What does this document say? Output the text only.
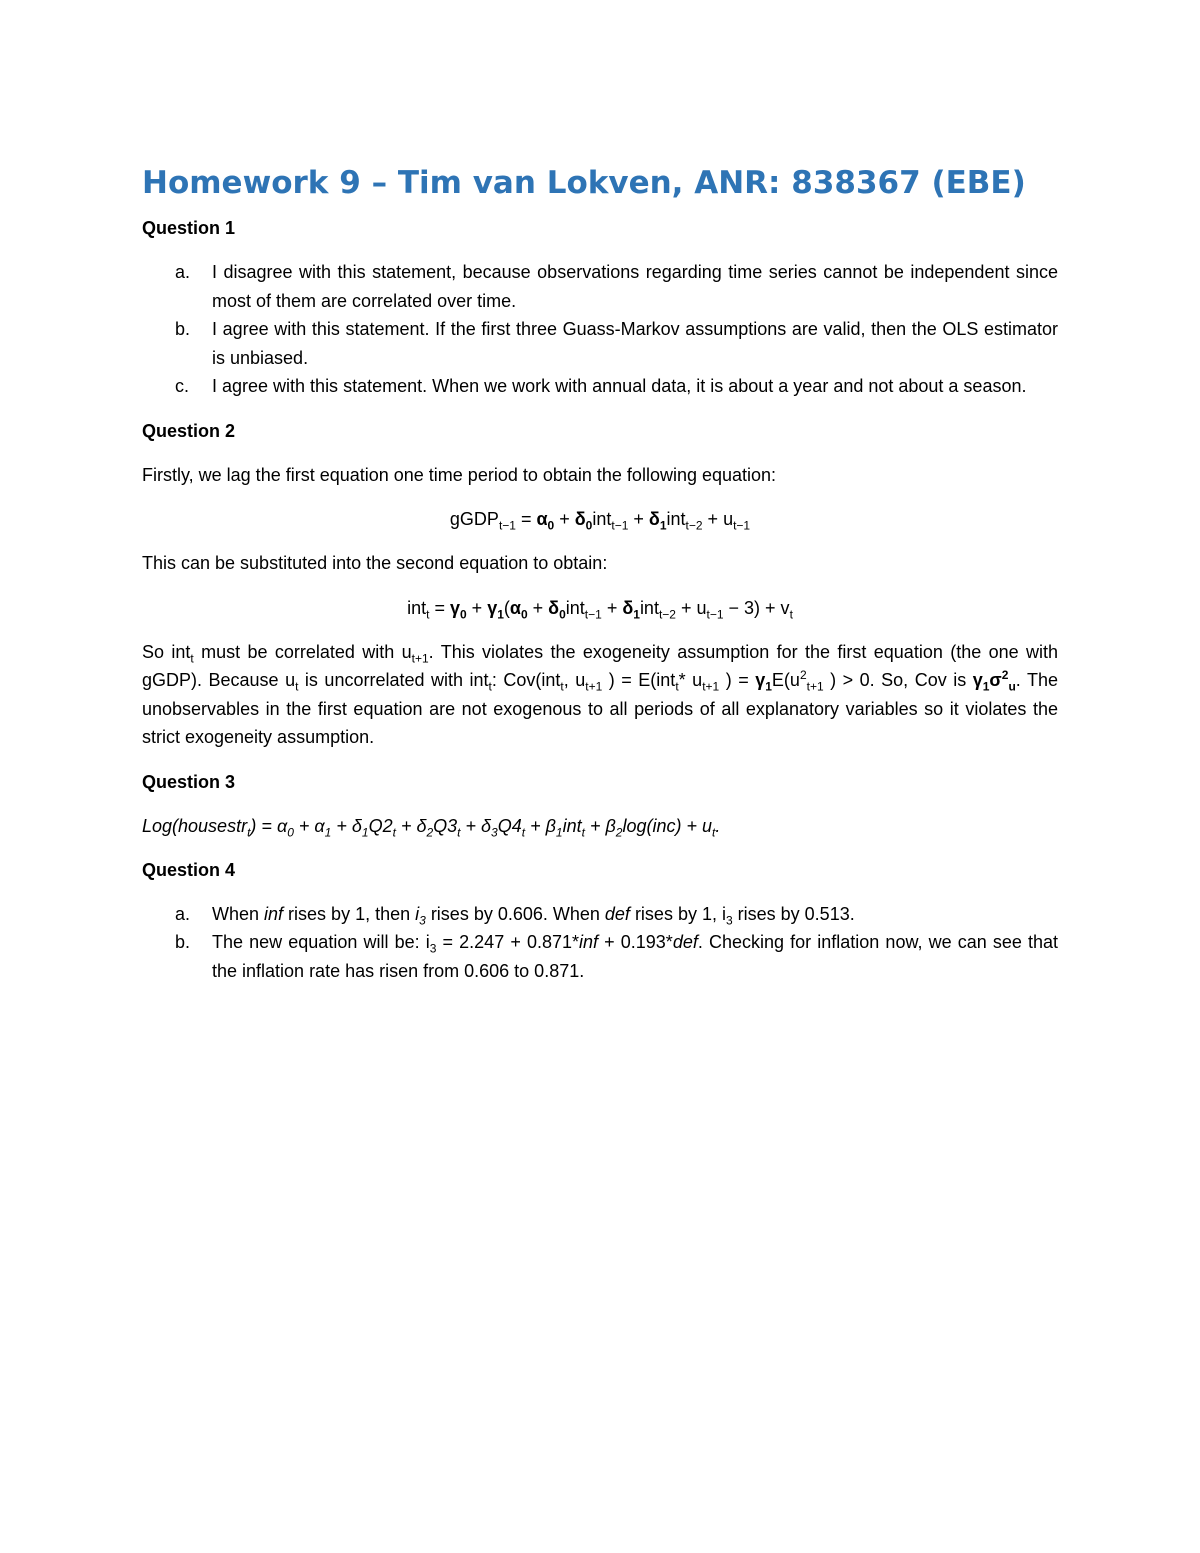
Homework 9 – Tim van Lokven, ANR: 838367 (EBE)

Question 1

a. I disagree with this statement, because observations regarding time series cannot be independent since most of them are correlated over time.
b. I agree with this statement. If the first three Guass-Markov assumptions are valid, then the OLS estimator is unbiased.
c. I agree with this statement. When we work with annual data, it is about a year and not about a season.

Question 2

Firstly, we lag the first equation one time period to obtain the following equation:

gGDP$_{t-1}$ = $\alpha_0 + \delta_0int_{t-1} + \delta_1int_{t-2} + u_{t-1}$

This can be substituted into the second equation to obtain:

$int_t = \gamma_0 + \gamma_1(\alpha_0 + \delta_0int_{t-1} + \delta_1int_{t-2} + u_{t-1} - 3) + v_t$

So int$_t$ must be correlated with $u_{t+1}$. This violates the exogeneity assumption for the first equation (the one with gGDP). Because $u_t$ is uncorrelated with int$_t$: Cov(int$_t$, $u_{t+1}$ ) = E(int$_t$* $u_{t+1}$ ) = $\gamma_1E(u^2_{t+1}$ ) > 0. So, Cov is $\gamma_1\sigma^2_u$. The unobservables in the first equation are not exogenous to all periods of all explanatory variables so it violates the strict exogeneity assumption.

Question 3

Log(housestr$_t$) = $\alpha_0 + \alpha_1 + \delta_1Q2_t + \delta_2Q3_t + \delta_3Q4_t + \beta_1int_t + \beta_2\log(inc) + u_t$.

Question 4

a. When inf rises by 1, then $i_3$ rises by 0.606. When def rises by 1, $i_3$ rises by 0.513.
b. The new equation will be: $i_3 = 2.247 + 0.871*inf + 0.193*def$. Checking for inflation now, we can see that the inflation rate has risen from 0.606 to 0.871.
